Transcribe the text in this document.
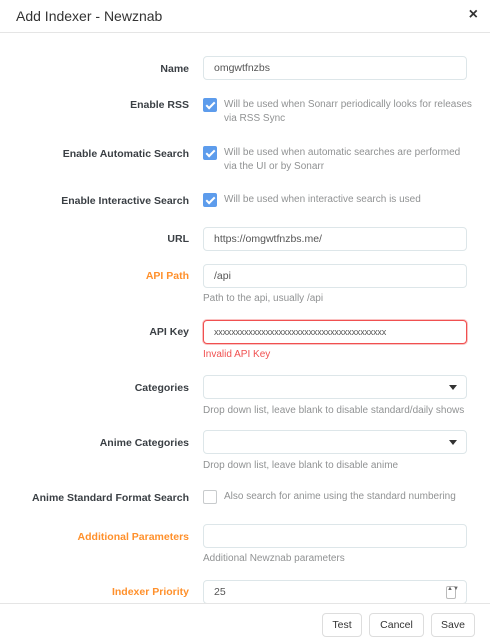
Add Indexer - Newznab	×
Name	omgwtfnzbs
Enable RSS	Will be used when Sonarr periodically looks for releases via RSS Sync
Enable Automatic Search	Will be used when automatic searches are performed via the UI or by Sonarr
Enable Interactive Search	Will be used when interactive search is used
URL	https://omgwtfnzbs.me/
API Path	/api
Path to the api, usually /api
API Key	xxxxxxxxxxxxxxxxxxxxxxxxxxxxxxxxxxxxxxxx
Invalid API Key
Categories
Drop down list, leave blank to disable standard/daily shows
Anime Categories
Drop down list, leave blank to disable anime
Anime Standard Format Search	Also search for anime using the standard numbering
Additional Parameters
Additional Newznab parameters
Indexer Priority	25	▲▼
Test	Cancel	Save
